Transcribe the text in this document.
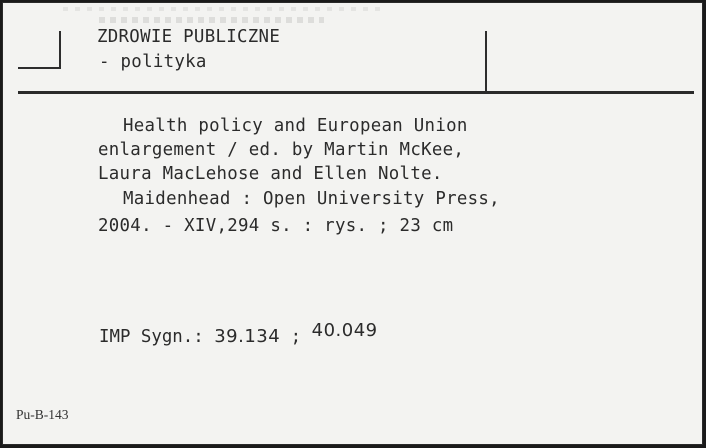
ZDROWIE PUBLICZNE
- polityka
Health policy and European Union
enlargement / ed. by Martin McKee,
Laura MacLehose and Ellen Nolte.
Maidenhead : Open University Press,
2004. - XIV,294 s. : rys. ; 23 cm
IMP Sygn.: 39.134 ; 40.049
Pu-B-143
